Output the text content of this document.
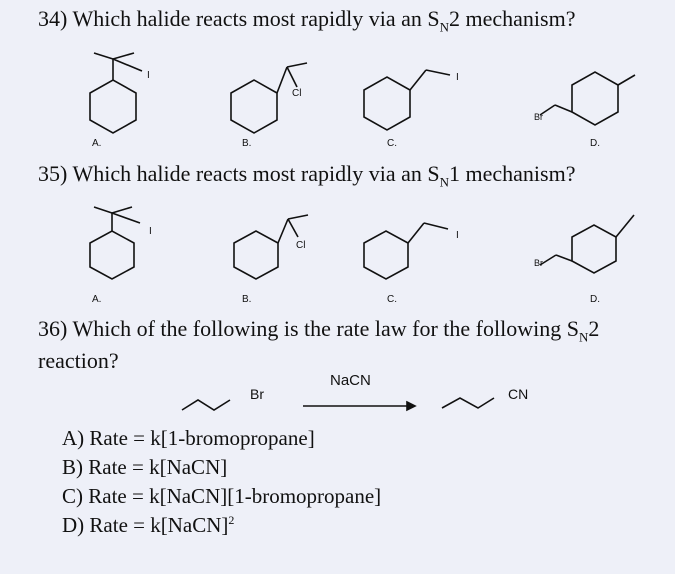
34) Which halide reacts most rapidly via an $S_N2$ mechanism?
I
Cl
I
Br
A.	B.	C.	D.
35) Which halide reacts most rapidly via an $S_N1$ mechanism?
I
Cl
I
Br
A.	B.	C.	D.
36) Which of the following is the rate law for the following $S_N2$
reaction?
Br
NaCN
CN
A) Rate = k[1-bromopropane]
B) Rate = k[NaCN]
C) Rate = k[NaCN][1-bromopropane]
D) Rate = k[NaCN]$^2$
